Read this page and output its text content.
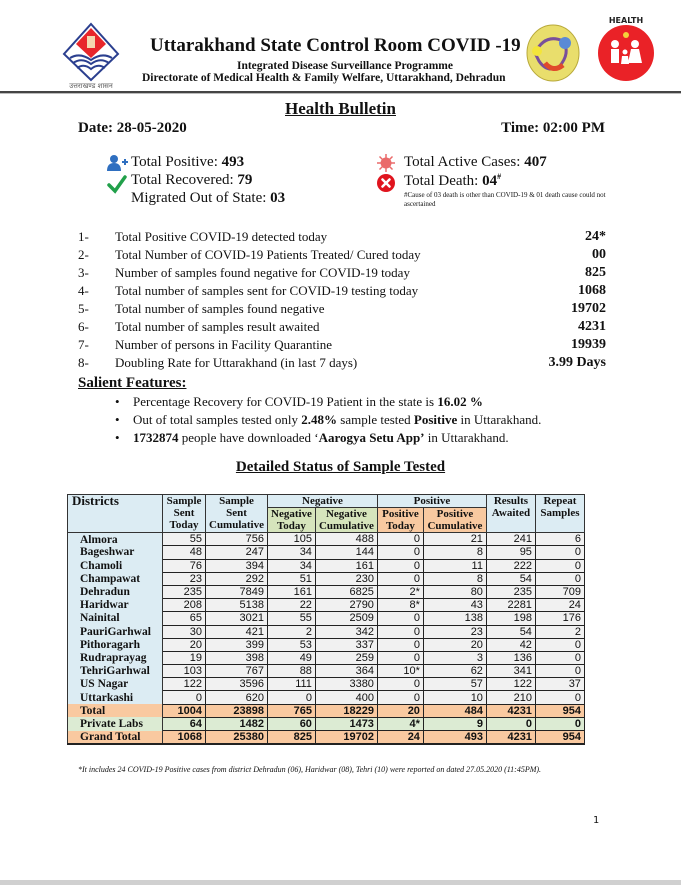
उत्तराखण्ड शासन
Uttarakhand State Control Room COVID -19
Integrated Disease Surveillance Programme
Directorate of Medical Health & Family Welfare, Uttarakhand, Dehradun
HEALTH
Health Bulletin
Date: 28-05-2020	Time: 02:00 PM
Total Positive: 493
Total Recovered: 79
Migrated Out of State: 03
Total Active Cases: 407
Total Death: 04#
#Cause of 03 death is other than COVID-19 & 01 death cause could not ascertained
1- Total Positive COVID-19 detected today	24*
2- Total Number of COVID-19 Patients Treated/ Cured today	00
3- Number of samples found negative for COVID-19 today	825
4- Total number of samples sent for COVID-19 testing today	1068
5- Total number of samples found negative	19702
6- Total number of samples result awaited	4231
7- Number of persons in Facility Quarantine	19939
8- Doubling Rate for Uttarakhand (in last 7 days)	3.99 Days
Salient Features:
• Percentage Recovery for COVID-19 Patient in the state is 16.02 %
• Out of total samples tested only 2.48% sample tested Positive in Uttarakhand.
• 1732874 people have downloaded ‘Aarogya Setu App’ in Uttarakhand.
Detailed Status of Sample Tested
Districts	Sample Sent Today	Sample Sent Cumulative	Negative		Positive		Results Awaited	Repeat Samples
			Negative Today	Negative Cumulative	Positive Today	Positive Cumulative		
Almora	55	756	105	488	0	21	241	6
Bageshwar	48	247	34	144	0	8	95	0
Chamoli	76	394	34	161	0	11	222	0
Champawat	23	292	51	230	0	8	54	0
Dehradun	235	7849	161	6825	2*	80	235	709
Haridwar	208	5138	22	2790	8*	43	2281	24
Nainital	65	3021	55	2509	0	138	198	176
PauriGarhwal	30	421	2	342	0	23	54	2
Pithoragarh	20	399	53	337	0	20	42	0
Rudraprayag	19	398	49	259	0	3	136	0
TehriGarhwal	103	767	88	364	10*	62	341	0
US Nagar	122	3596	111	3380	0	57	122	37
Uttarkashi	0	620	0	400	0	10	210	0
Total	1004	23898	765	18229	20	484	4231	954
Private Labs	64	1482	60	1473	4*	9	0	0
Grand Total	1068	25380	825	19702	24	493	4231	954
*It includes 24 COVID-19 Positive cases from district Dehradun (06), Haridwar (08), Tehri (10) were reported on dated 27.05.2020 (11:45PM).
1
